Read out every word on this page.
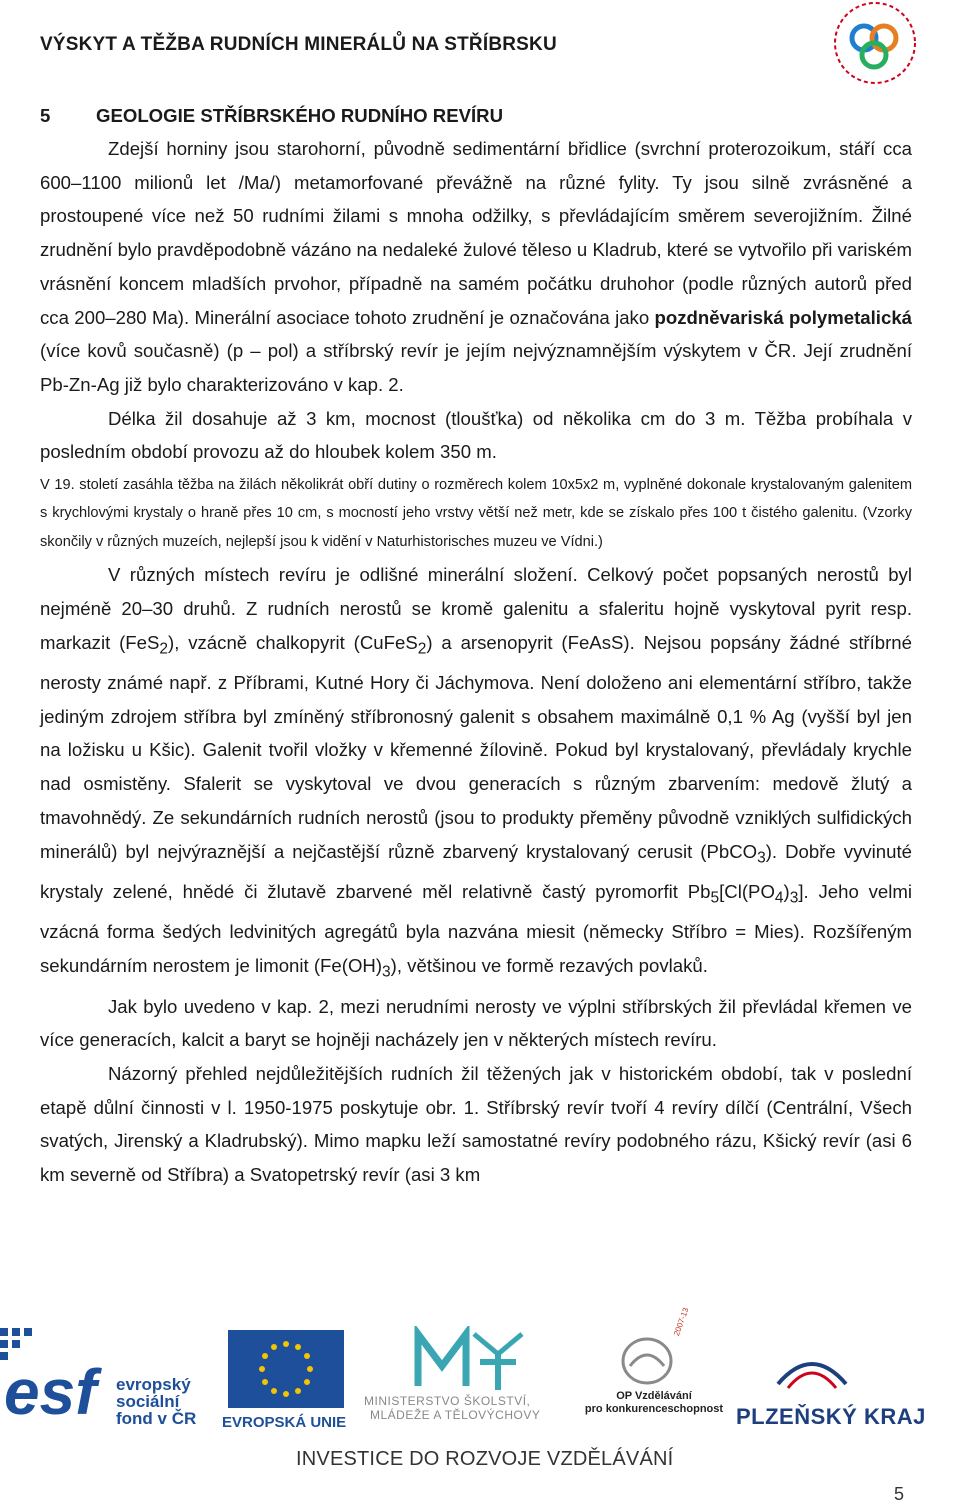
VÝSKYT A TĚŽBA RUDNÍCH MINERÁLŮ NA STŘÍBRSKU
5 GEOLOGIE STŘÍBRSKÉHO RUDNÍHO REVÍRU

Zdejší horniny jsou starohorní, původně sedimentární břidlice (svrchní proterozoikum, stáří cca 600–1100 milionů let /Ma/) metamorfované převážně na různé fylity. Ty jsou silně zvrásněné a prostoupené více než 50 rudními žilami s mnoha odžilky, s převládajícím směrem severojižním. Žilné zrudnění bylo pravděpodobně vázáno na nedaleké žulové těleso u Kladrub, které se vytvořilo při variském vrásnění koncem mladších prvohor, případně na samém počátku druhohor (podle různých autorů před cca 200–280 Ma). Minerální asociace tohoto zrudnění je označována jako pozdněvariská polymetalická (více kovů současně) (p – pol) a stříbrský revír je jejím nejvýznamnějším výskytem v ČR. Její zrudnění Pb-Zn-Ag již bylo charakterizováno v kap. 2.

Délka žil dosahuje až 3 km, mocnost (tloušťka) od několika cm do 3 m. Těžba probíhala v posledním období provozu až do hloubek kolem 350 m.

V 19. století zasáhla těžba na žilách několikrát obří dutiny o rozměrech kolem 10x5x2 m, vyplněné dokonale krystalovaným galenitem s krychlovými krystaly o hraně přes 10 cm, s mocností jeho vrstvy větší než metr, kde se získalo přes 100 t čistého galenitu. (Vzorky skončily v různých muzeích, nejlepší jsou k vidění v Naturhistorisches muzeu ve Vídni.)

V různých místech revíru je odlišné minerální složení. Celkový počet popsaných nerostů byl nejméně 20–30 druhů. Z rudních nerostů se kromě galenitu a sfaleritu hojně vyskytoval pyrit resp. markazit (FeS$_2$), vzácně chalkopyrit (CuFeS$_2$) a arsenopyrit (FeAsS). Nejsou popsány žádné stříbrné nerosty známé např. z Příbrami, Kutné Hory či Jáchymova. Není doloženo ani elementární stříbro, takže jediným zdrojem stříbra byl zmíněný stříbronosný galenit s obsahem maximálně 0,1 % Ag (vyšší byl jen na ložisku u Kšic). Galenit tvořil vložky v křemenné žílovině. Pokud byl krystalovaný, převládaly krychle nad osmistěny. Sfalerit se vyskytoval ve dvou generacích s různým zbarvením: medově žlutý a tmavohnědý. Ze sekundárních rudních nerostů (jsou to produkty přeměny původně vzniklých sulfidických minerálů) byl nejvýraznější a nejčastější různě zbarvený krystalovaný cerusit (PbCO$_3$). Dobře vyvinuté krystaly zelené, hnědé či žlutavě zbarvené měl relativně častý pyromorfit $Pb_5[Cl(PO_4)_3]$. Jeho velmi vzácná forma šedých ledvinitých agregátů byla nazvána miesit (německy Stříbro = Mies). Rozšířeným sekundárním nerostem je limonit $(Fe(OH)_3)$, většinou ve formě rezavých povlaků.

Jak bylo uvedeno v kap. 2, mezi nerudními nerosty ve výplni stříbrských žil převládal křemen ve více generacích, kalcit a baryt se hojněji nacházely jen v některých místech revíru.

Názorný přehled nejdůležitějších rudních žil těžených jak v historickém období, tak v poslední etapě důlní činnosti v l. 1950-1975 poskytuje obr. 1. Stříbrský revír tvoří 4 revíry dílčí (Centrální, Všech svatých, Jirenský a Kladrubský). Mimo mapku leží samostatné revíry podobného rázu, Kšický revír (asi 6 km severně od Stříbra) a Svatopetrský revír (asi 3 km

esf	evropský
sociální
fond v ČR EVROPSKÁ UNIE
MINISTERSTVO ŠKOLSTVÍ,
MLÁDEŽE A TĚLOVÝCHOVY
2007-13
OP Vzdělávání
pro konkurenceschopnost PLZEŇSKÝ KRAJ
INVESTICE DO ROZVOJE VZDĚLÁVÁNÍ
5
